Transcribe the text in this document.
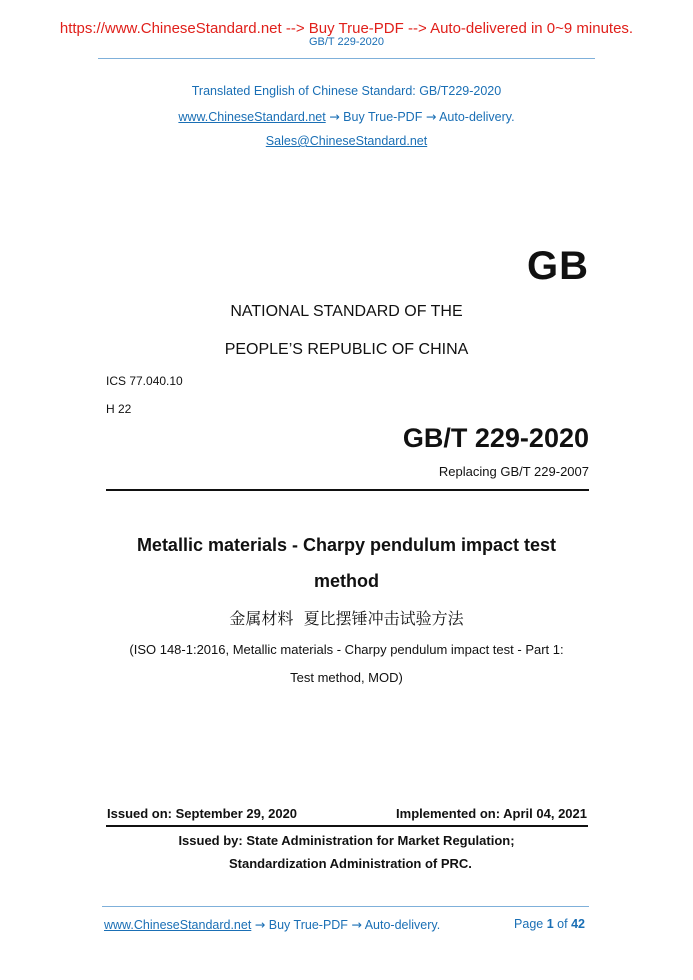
https://www.ChineseStandard.net --> Buy True-PDF --> Auto-delivered in 0~9 minutes.
GB/T 229-2020
Translated English of Chinese Standard: GB/T229-2020
www.ChineseStandard.net → Buy True-PDF → Auto-delivery.
Sales@ChineseStandard.net
GB
NATIONAL STANDARD OF THE
PEOPLE’S REPUBLIC OF CHINA
ICS 77.040.10
H 22
GB/T 229-2020
Replacing GB/T 229-2007
Metallic materials - Charpy pendulum impact test
method
金属材料  夏比摆锤冲击试验方法
(ISO 148-1:2016, Metallic materials - Charpy pendulum impact test - Part 1:
Test method, MOD)
Issued on: September 29, 2020	Implemented on: April 04, 2021
Issued by: State Administration for Market Regulation;
Standardization Administration of PRC.
www.ChineseStandard.net → Buy True-PDF → Auto-delivery.	Page 1 of 42
